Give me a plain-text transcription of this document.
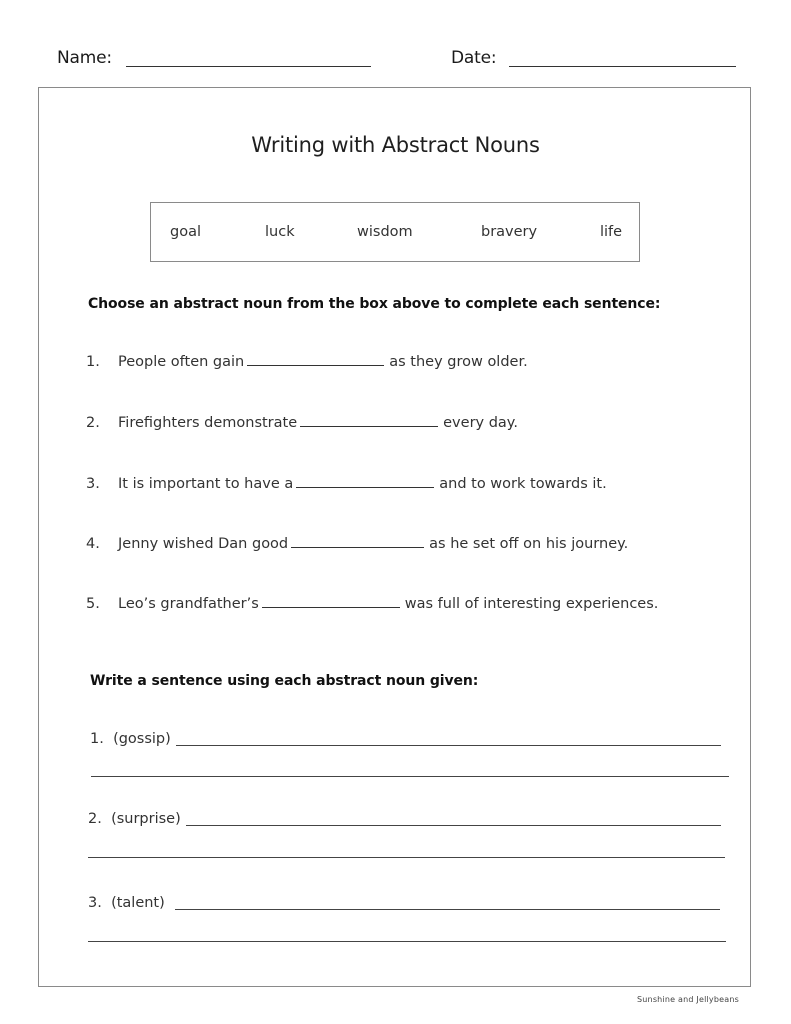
Name:	Date:
Writing with Abstract Nouns
goal	luck	wisdom	bravery	life
Choose an abstract noun from the box above to complete each sentence:
1. People often gain	as they grow older.
2. Firefighters demonstrate	every day.
3. It is important to have a	and to work towards it.
4. Jenny wished Dan good	as he set off on his journey.
5. Leo’s grandfather’s	was full of interesting experiences.
Write a sentence using each abstract noun given:
1. (gossip)
2. (surprise)
3. (talent)
Sunshine and Jellybeans
